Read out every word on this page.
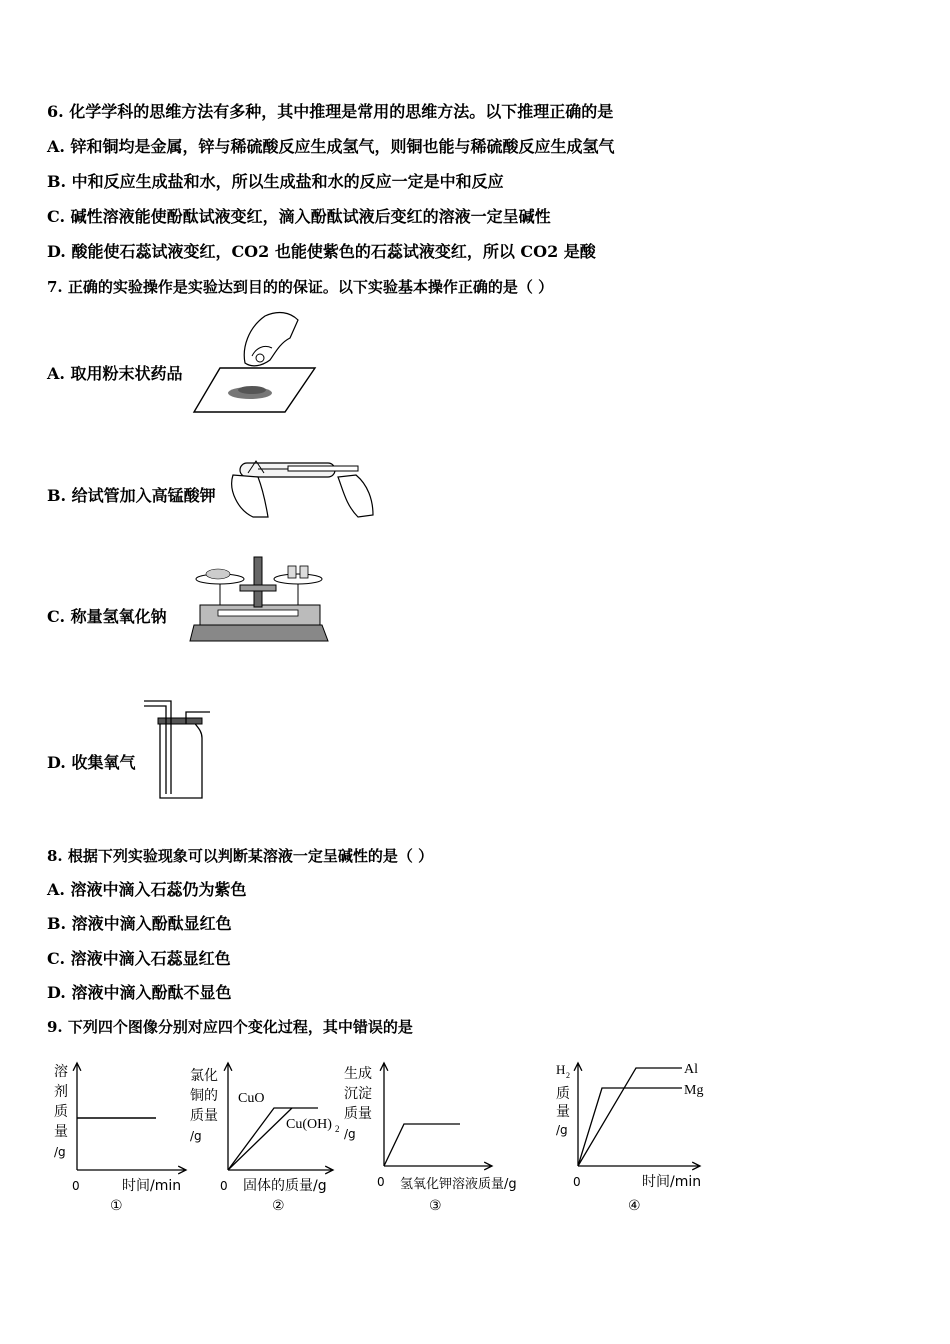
6. 化学学科的思维方法有多种，其中推理是常用的思维方法。以下推理正确的是
A. 锌和铜均是金属，锌与稀硫酸反应生成氢气，则铜也能与稀硫酸反应生成氢气
B. 中和反应生成盐和水，所以生成盐和水的反应一定是中和反应
C. 碱性溶液能使酚酞试液变红，滴入酚酞试液后变红的溶液一定呈碱性
D. 酸能使石蕊试液变红，CO2 也能使紫色的石蕊试液变红，所以 CO2 是酸
7. 正确的实验操作是实验达到目的的保证。以下实验基本操作正确的是（ ）
A. 取用粉末状药品
B. 给试管加入高锰酸钾
C. 称量氢氧化钠
D. 收集氧气
8. 根据下列实验现象可以判断某溶液一定呈碱性的是（ ）
A. 溶液中滴入石蕊仍为紫色
B. 溶液中滴入酚酞显红色
C. 溶液中滴入石蕊显红色
D. 溶液中滴入酚酞不显色
9. 下列四个图像分别对应四个变化过程，其中错误的是
溶
剂
质
量
/g
0	时间/min
①
氯化
铜的
质量
/g
CuO
Cu(OH) 2
0 固体的质量/g
②
生成
沉淀
质量
/g
0 氢氧化钾溶液质量/g
③
H 2
质
量
/g
Al
Mg
0	时间/min
④
